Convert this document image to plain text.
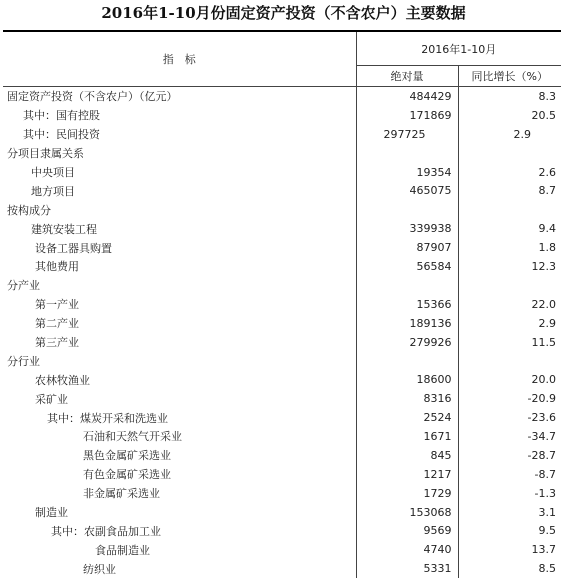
2016年1-10月份固定资产投资（不含农户）主要数据
指　标	2016年1-10月	
	绝对量	同比增长（%）
固定资产投资（不含农户）（亿元）	484429	8.3
其中：国有控股	171869	20.5
其中：民间投资	297725	2.9
分项目隶属关系		
中央项目	19354	2.6
地方项目	465075	8.7
按构成分		
建筑安装工程	339938	9.4
设备工器具购置	87907	1.8
其他费用	56584	12.3
分产业		
第一产业	15366	22.0
第二产业	189136	2.9
第三产业	279926	11.5
分行业		
农林牧渔业	18600	20.0
采矿业	8316	-20.9
其中：煤炭开采和洗选业	2524	-23.6
石油和天然气开采业	1671	-34.7
黑色金属矿采选业	845	-28.7
有色金属矿采选业	1217	-8.7
非金属矿采选业	1729	-1.3
制造业	153068	3.1
其中：农副食品加工业	9569	9.5
食品制造业	4740	13.7
纺织业	5331	8.5
